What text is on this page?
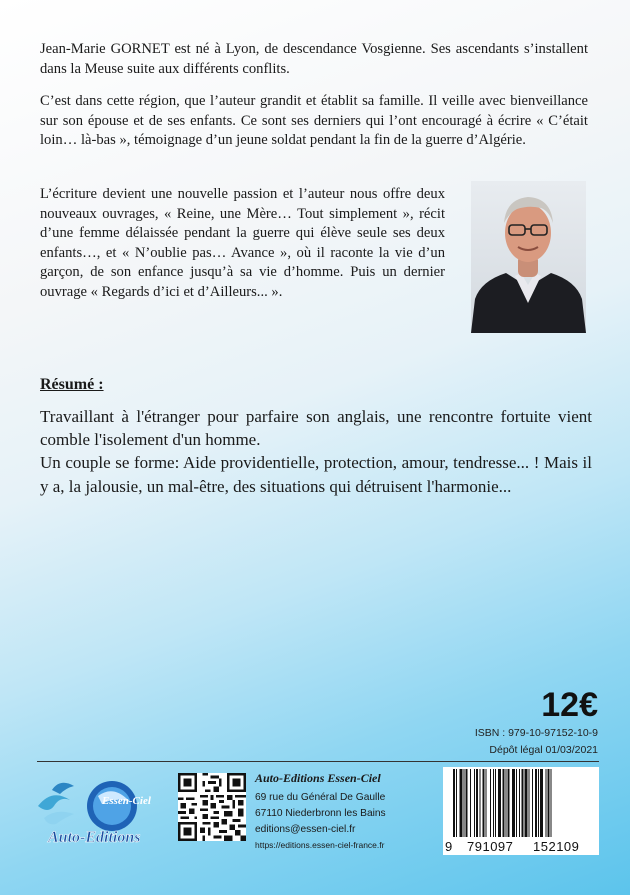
Jean-Marie GORNET est né à Lyon, de descendance Vosgienne. Ses ascendants s’installent dans la Meuse suite aux différents conflits.
C’est dans cette région, que l’auteur grandit et établit sa famille. Il veille avec bienveillance sur son épouse et de ses enfants. Ce sont ses derniers qui l’ont encouragé à écrire « C’était loin… là-bas », témoignage d’un jeune soldat pendant la fin de la guerre d’Algérie.
L’écriture devient une nouvelle passion et l’auteur nous offre deux nouveaux ouvrages, « Reine, une Mère… Tout simplement », récit d’une femme délaissée pendant la guerre qui élève seule ses deux enfants…, et « N’oublie pas… Avance », où il raconte la vie d’un garçon, de son enfance jusqu’à sa vie d’homme. Puis un dernier ouvrage « Regards d’ici et d’Ailleurs... ».
Résumé :

Travaillant à l'étranger pour parfaire son anglais, une rencontre fortuite vient comble l'isolement d'un homme.

Un couple se forme: Aide providentielle, protection, amour, tendresse... ! Mais il y a, la jalousie, un mal-être, des situations qui détruisent l'harmonie...

12€
ISBN : 979-10-97152-10-9
Dépôt légal 01/03/2021
Essen-Ciel
Auto-Editions
Auto-Editions Essen-Ciel
69 rue du Général De Gaulle
67110 Niederbronn les Bains
editions@essen-ciel.fr
https://editions.essen-ciel-france.fr	9 791097 152109
